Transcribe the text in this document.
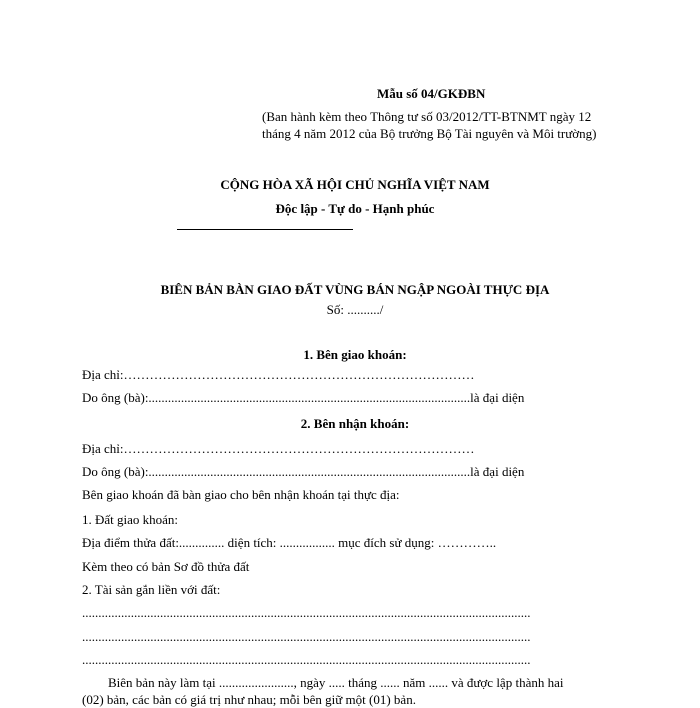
Mẫu số 04/GKĐBN
(Ban hành kèm theo Thông tư số 03/2012/TT-BTNMT ngày 12
tháng 4 năm 2012 của Bộ trưởng Bộ Tài nguyên và Môi trường)
CỘNG HÒA XÃ HỘI CHỦ NGHĨA VIỆT NAM
Độc lập - Tự do - Hạnh phúc
BIÊN BẢN BÀN GIAO ĐẤT VÙNG BÁN NGẬP NGOÀI THỰC ĐỊA
Số: ........../
1. Bên giao khoán:
Địa chỉ:………………………………………………………………………
Do ông (bà):...................................................................................................là đại diện
2. Bên nhận khoán:
Địa chỉ:………………………………………………………………………
Do ông (bà):...................................................................................................là đại diện
Bên giao khoán đã bàn giao cho bên nhận khoán tại thực địa:
1. Đất giao khoán:
Địa điểm thửa đất:.............. diện tích: ................. mục đích sử dụng: …………..
Kèm theo có bản Sơ đồ thửa đất
2. Tài sản gắn liền với đất:
..........................................................................................................................................
..........................................................................................................................................
..........................................................................................................................................
Biên bản này làm tại ......................., ngày ..... tháng ...... năm ...... và được lập thành hai
(02) bản, các bản có giá trị như nhau; mỗi bên giữ một (01) bản.
